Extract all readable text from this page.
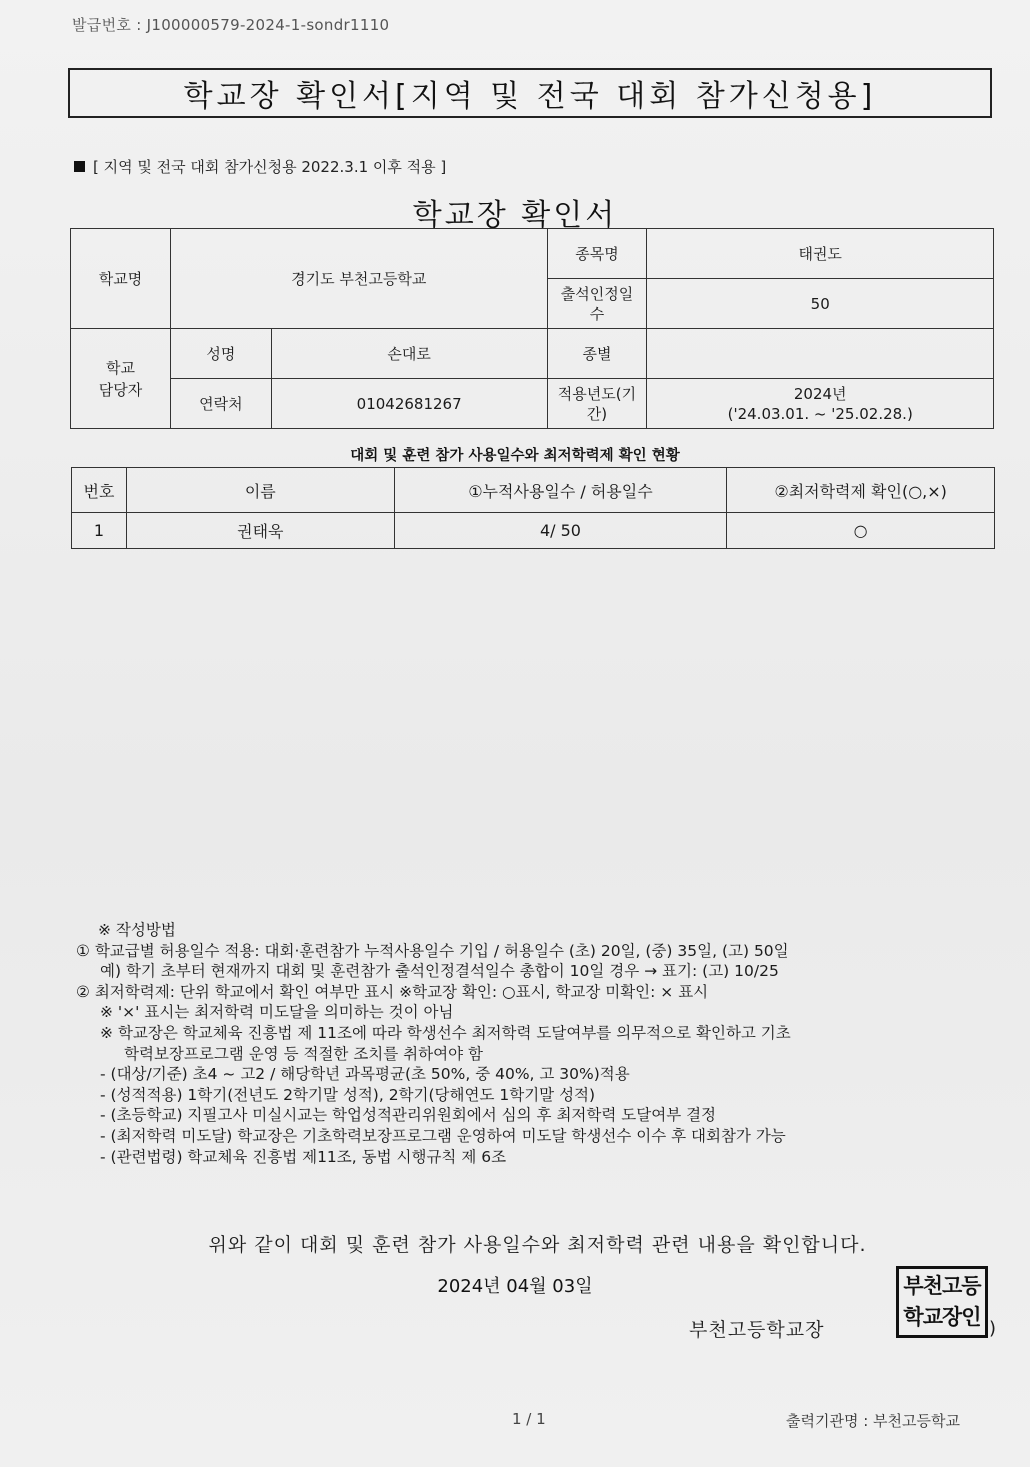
발급번호 : J100000579-2024-1-sondr1110
학교장 확인서[지역 및 전국 대회 참가신청용]
[ 지역 및 전국 대회 참가신청용 2022.3.1 이후 적용 ]
학교장 확인서
학교명	경기도 부천고등학교		종목명	태권도
			출석인정일수	50
학교 담당자	성명	손대로	종별	
	연락처	01042681267	적용년도(기간)	2024년
('24.03.01. ~ '25.02.28.)
대회 및 훈련 참가 사용일수와 최저학력제 확인 현황
번호	이름	①누적사용일수 / 허용일수	②최저학력제 확인(○,×)
1	권태욱	4/ 50	○
※ 작성방법
① 학교급별 허용일수 적용: 대회·훈련참가 누적사용일수 기입 / 허용일수 (초) 20일, (중) 35일, (고) 50일
예) 학기 초부터 현재까지 대회 및 훈련참가 출석인정결석일수 총합이 10일 경우 → 표기: (고) 10/25
② 최저학력제: 단위 학교에서 확인 여부만 표시 ※학교장 확인: ○표시, 학교장 미확인: × 표시
※ '×' 표시는 최저학력 미도달을 의미하는 것이 아님
※ 학교장은 학교체육 진흥법 제 11조에 따라 학생선수 최저학력 도달여부를 의무적으로 확인하고 기초
학력보장프로그램 운영 등 적절한 조치를 취하여야 함
- (대상/기준) 초4 ~ 고2 / 해당학년 과목평균(초 50%, 중 40%, 고 30%)적용
- (성적적용) 1학기(전년도 2학기말 성적), 2학기(당해연도 1학기말 성적)
- (초등학교) 지필고사 미실시교는 학업성적관리위원회에서 심의 후 최저학력 도달여부 결정
- (최저학력 미도달) 학교장은 기초학력보장프로그램 운영하여 미도달 학생선수 이수 후 대회참가 가능
- (관련법령) 학교체육 진흥법 제11조, 동법 시행규칙 제 6조
위와 같이 대회 및 훈련 참가 사용일수와 최저학력 관련 내용을 확인합니다.
2024년 04월 03일
부천고등학교장
부천고등
학교장인 )
1 / 1	출력기관명 : 부천고등학교
